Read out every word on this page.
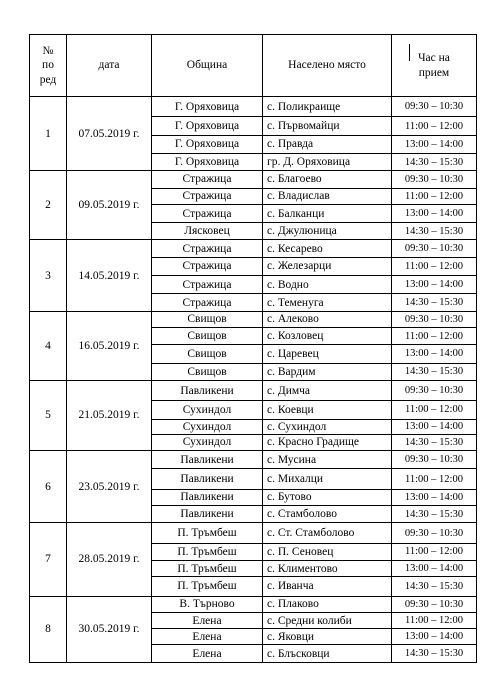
№
по
ред	дата	Община	Населено място	Час на
прием
1	07.05.2019 г.	Г. Оряховица	с. Поликраище	09:30 – 10:30
		Г. Оряховица	с. Първомайци	11:00 – 12:00
		Г. Оряховица	с. Правда	13:00 – 14:00
		Г. Оряховица	гр. Д. Оряховица	14:30 – 15:30
2	09.05.2019 г.	Стражица	с. Благоево	09:30 – 10:30
		Стражица	с. Владислав	11:00 – 12:00
		Стражица	с. Балканци	13:00 – 14:00
		Лясковец	с. Джулюница	14:30 – 15:30
3	14.05.2019 г.	Стражица	с. Кесарево	09:30 – 10:30
		Стражица	с. Железарци	11:00 – 12:00
		Стражица	с. Водно	13:00 – 14:00
		Стражица	с. Теменуга	14:30 – 15:30
4	16.05.2019 г.	Свищов	с. Алеково	09:30 – 10:30
		Свищов	с. Козловец	11:00 – 12:00
		Свищов	с. Царевец	13:00 – 14:00
		Свищов	с. Вардим	14:30 – 15:30
5	21.05.2019 г.	Павликени	с. Димча	09:30 – 10:30
		Сухиндол	с. Коевци	11:00 – 12:00
		Сухиндол	с. Сухиндол	13:00 – 14:00
		Сухиндол	с. Красно Градище	14:30 – 15:30
6	23.05.2019 г.	Павликени	с. Мусина	09:30 – 10:30
		Павликени	с. Михалци	11:00 – 12:00
		Павликени	с. Бутово	13:00 – 14:00
		Павликени	с. Стамболово	14:30 – 15:30
7	28.05.2019 г.	П. Тръмбеш	с. Ст. Стамболово	09:30 – 10:30
		П. Тръмбеш	с. П. Сеновец	11:00 – 12:00
		П. Тръмбеш	с. Климентово	13:00 – 14:00
		П. Тръмбеш	с. Иванча	14:30 – 15:30
8	30.05.2019 г.	В. Търново	с. Плаково	09:30 – 10:30
		Елена	с. Средни колиби	11:00 – 12:00
		Елена	с. Яковци	13:00 – 14:00
		Елена	с. Блъсковци	14:30 – 15:30
